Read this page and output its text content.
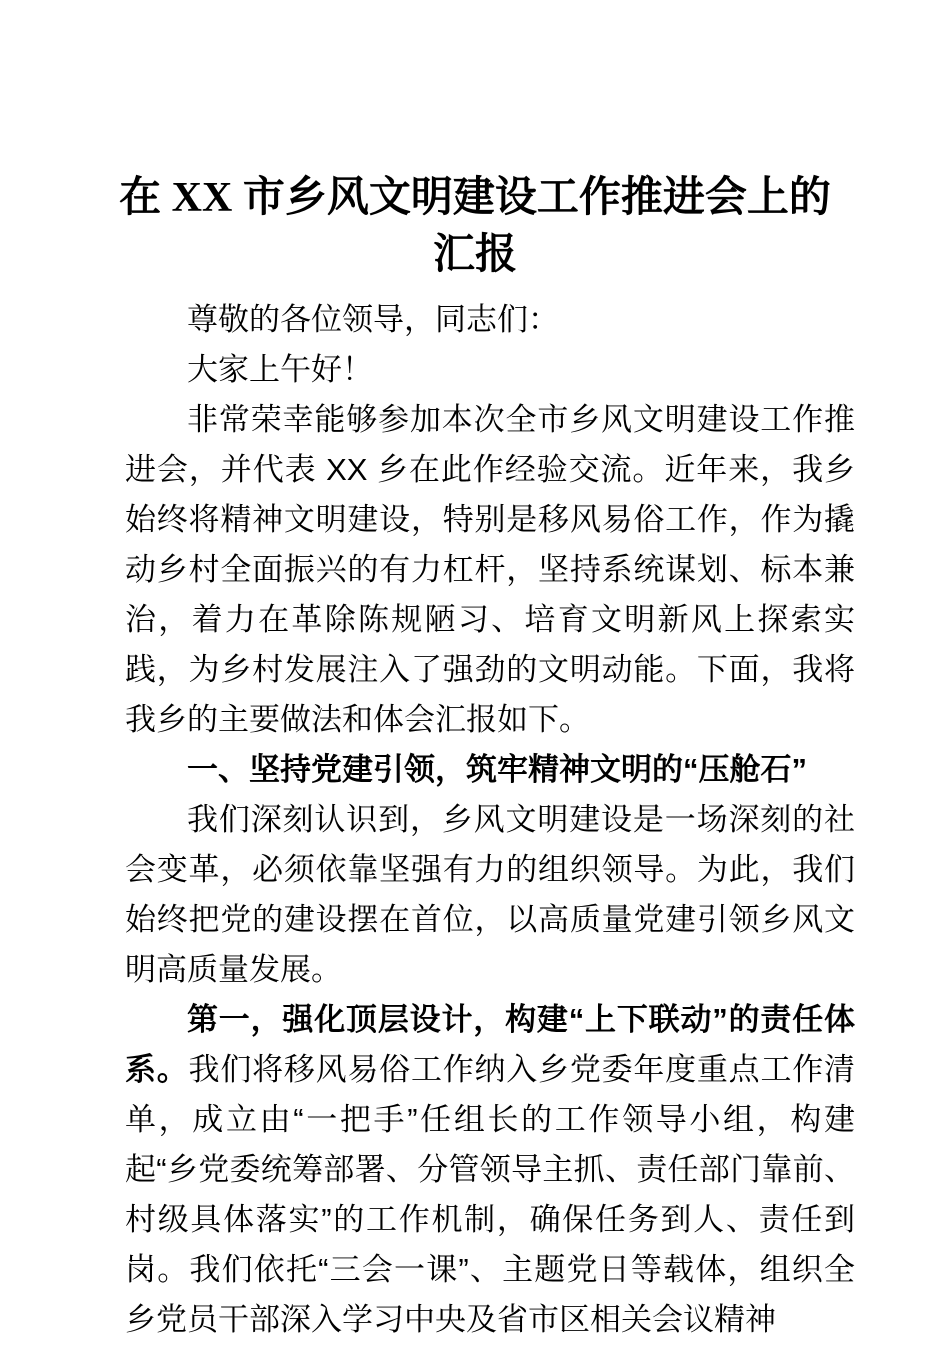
在 XX 市乡风文明建设工作推进会上的
汇报

尊敬的各位领导，同志们：

大家上午好！

非常荣幸能够参加本次全市乡风文明建设工作推进会，并代表 XX 乡在此作经验交流。近年来，我乡始终将精神文明建设，特别是移风易俗工作，作为撬动乡村全面振兴的有力杠杆，坚持系统谋划、标本兼治，着力在革除陈规陋习、培育文明新风上探索实践，为乡村发展注入了强劲的文明动能。下面，我将我乡的主要做法和体会汇报如下。

一、坚持党建引领，筑牢精神文明的“压舱石”

我们深刻认识到，乡风文明建设是一场深刻的社会变革，必须依靠坚强有力的组织领导。为此，我们始终把党的建设摆在首位，以高质量党建引领乡风文明高质量发展。

第一，强化顶层设计，构建“上下联动”的责任体系。我们将移风易俗工作纳入乡党委年度重点工作清单，成立由“一把手”任组长的工作领导小组，构建起“乡党委统筹部署、分管领导主抓、责任部门靠前、村级具体落实”的工作机制，确保任务到人、责任到岗。我们依托“三会一课”、主题党日等载体，组织全乡党员干部深入学习中央及省市区相关会议精神
